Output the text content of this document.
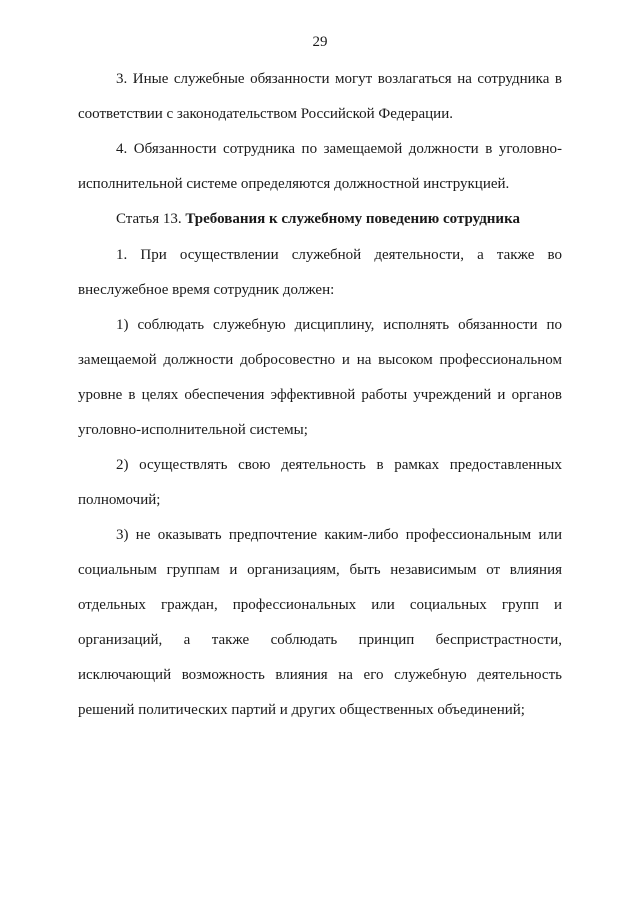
29
3. Иные служебные обязанности могут возлагаться на сотрудника в
соответствии с законодательством Российской Федерации.
4. Обязанности сотрудника по замещаемой должности в уголовно-
исполнительной системе определяются должностной инструкцией.
Статья 13. Требования к служебному поведению сотрудника
1. При осуществлении служебной деятельности, а также во
внеслужебное время сотрудник должен:
1) соблюдать служебную дисциплину, исполнять обязанности по
замещаемой должности добросовестно и на высоком профессиональном
уровне в целях обеспечения эффективной работы учреждений и органов
уголовно-исполнительной системы;
2) осуществлять свою деятельность в рамках предоставленных
полномочий;
3) не оказывать предпочтение каким-либо профессиональным или
социальным группам и организациям, быть независимым от влияния
отдельных граждан, профессиональных или социальных групп и
организаций, а также соблюдать принцип беспристрастности,
исключающий возможность влияния на его служебную деятельность
решений политических партий и других общественных объединений;
